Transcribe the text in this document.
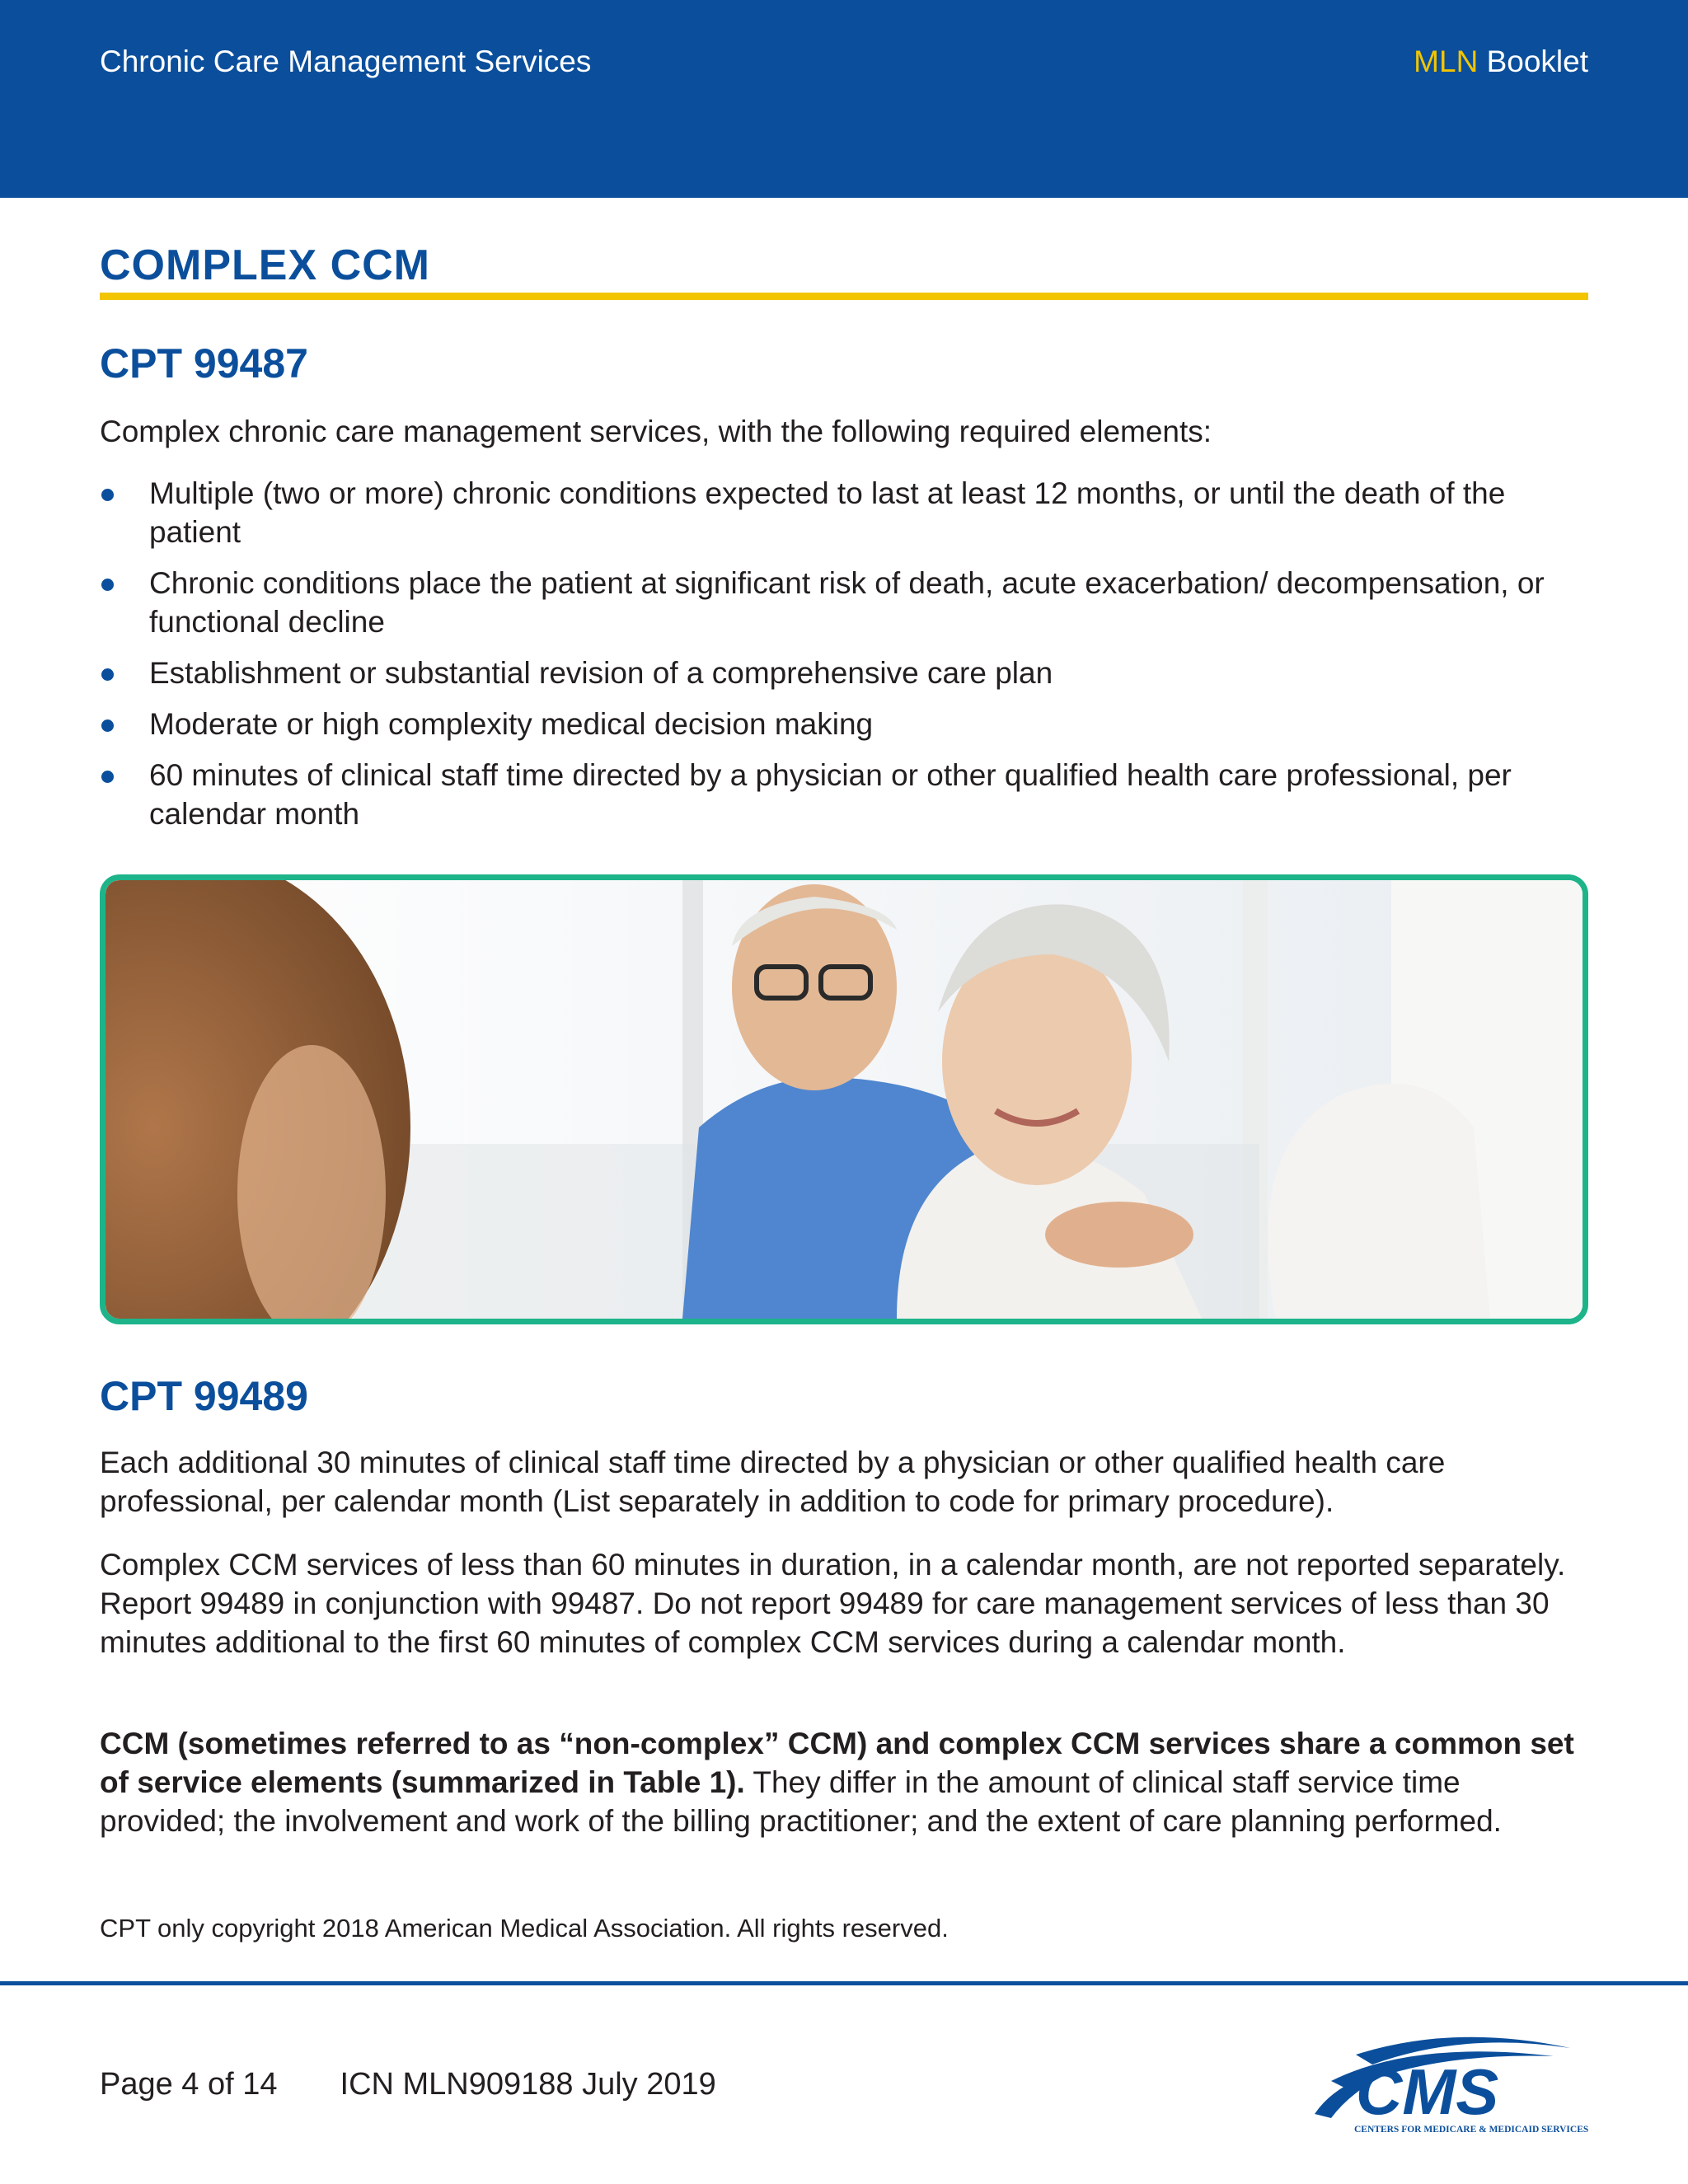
Chronic Care Management Services	MLN Booklet
COMPLEX CCM
CPT 99487
Complex chronic care management services, with the following required elements:
Multiple (two or more) chronic conditions expected to last at least 12 months, or until the death of the patient
Chronic conditions place the patient at significant risk of death, acute exacerbation/ decompensation, or functional decline
Establishment or substantial revision of a comprehensive care plan
Moderate or high complexity medical decision making
60 minutes of clinical staff time directed by a physician or other qualified health care professional, per calendar month
CPT 99489
Each additional 30 minutes of clinical staff time directed by a physician or other qualified health care professional, per calendar month (List separately in addition to code for primary procedure).
Complex CCM services of less than 60 minutes in duration, in a calendar month, are not reported separately. Report 99489 in conjunction with 99487. Do not report 99489 for care management services of less than 30 minutes additional to the first 60 minutes of complex CCM services during a calendar month.
CCM (sometimes referred to as “non-complex” CCM) and complex CCM services share a common set of service elements (summarized in Table 1). They differ in the amount of clinical staff service time provided; the involvement and work of the billing practitioner; and the extent of care planning performed.
CPT only copyright 2018 American Medical Association. All rights reserved.
Page 4 of 14 ICN MLN909188 July 2019	CMS
CENTERS FOR MEDICARE & MEDICAID SERVICES
